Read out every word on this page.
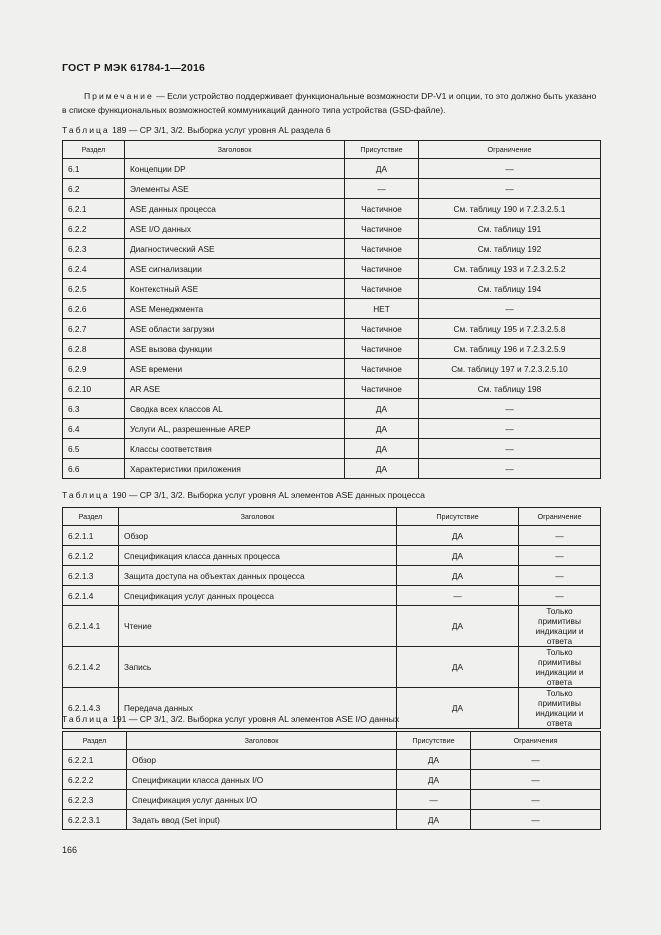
ГОСТ Р МЭК 61784-1—2016
Примечание — Если устройство поддерживает функциональные возможности DP-V1 и опции, то это должно быть указано в списке функциональных возможностей коммуникаций данного типа устройства (GSD-файле).
Таблица 189 — CP 3/1, 3/2. Выборка услуг уровня AL раздела 6
Раздел	Заголовок	Присутствие	Ограничение
6.1	Концепции DP	ДА	—
6.2	Элементы ASE	—	—
6.2.1	ASE данных процесса	Частичное	См. таблицу 190 и 7.2.3.2.5.1
6.2.2	ASE I/O данных	Частичное	См. таблицу 191
6.2.3	Диагностический ASE	Частичное	См. таблицу 192
6.2.4	ASE сигнализации	Частичное	См. таблицу 193 и 7.2.3.2.5.2
6.2.5	Контекстный ASE	Частичное	См. таблицу 194
6.2.6	ASE Менеджмента	НЕТ	—
6.2.7	ASE области загрузки	Частичное	См. таблицу 195 и 7.2.3.2.5.8
6.2.8	ASE вызова функции	Частичное	См. таблицу 196 и 7.2.3.2.5.9
6.2.9	ASE времени	Частичное	См. таблицу 197 и 7.2.3.2.5.10
6.2.10	AR ASE	Частичное	См. таблицу 198
6.3	Сводка всех классов AL	ДА	—
6.4	Услуги AL, разрешенные AREP	ДА	—
6.5	Классы соответствия	ДА	—
6.6	Характеристики приложения	ДА	—
Таблица 190 — CP 3/1, 3/2. Выборка услуг уровня AL элементов ASE данных процесса
Раздел	Заголовок	Присутствие	Ограничение
6.2.1.1	Обзор	ДА	—
6.2.1.2	Спецификация класса данных процесса	ДА	—
6.2.1.3	Защита доступа на объектах данных процесса	ДА	—
6.2.1.4	Спецификация услуг данных процесса	—	—
6.2.1.4.1	Чтение	ДА	Только примитивы индикации и ответа
6.2.1.4.2	Запись	ДА	Только примитивы индикации и ответа
6.2.1.4.3	Передача данных	ДА	Только примитивы индикации и ответа
Таблица 191 — CP 3/1, 3/2. Выборка услуг уровня AL элементов ASE I/O данных
Раздел	Заголовок	Присутствие	Ограничения
6.2.2.1	Обзор	ДА	—
6.2.2.2	Спецификации класса данных I/O	ДА	—
6.2.2.3	Спецификация услуг данных I/O	—	—
6.2.2.3.1	Задать ввод (Set input)	ДА	—
166
